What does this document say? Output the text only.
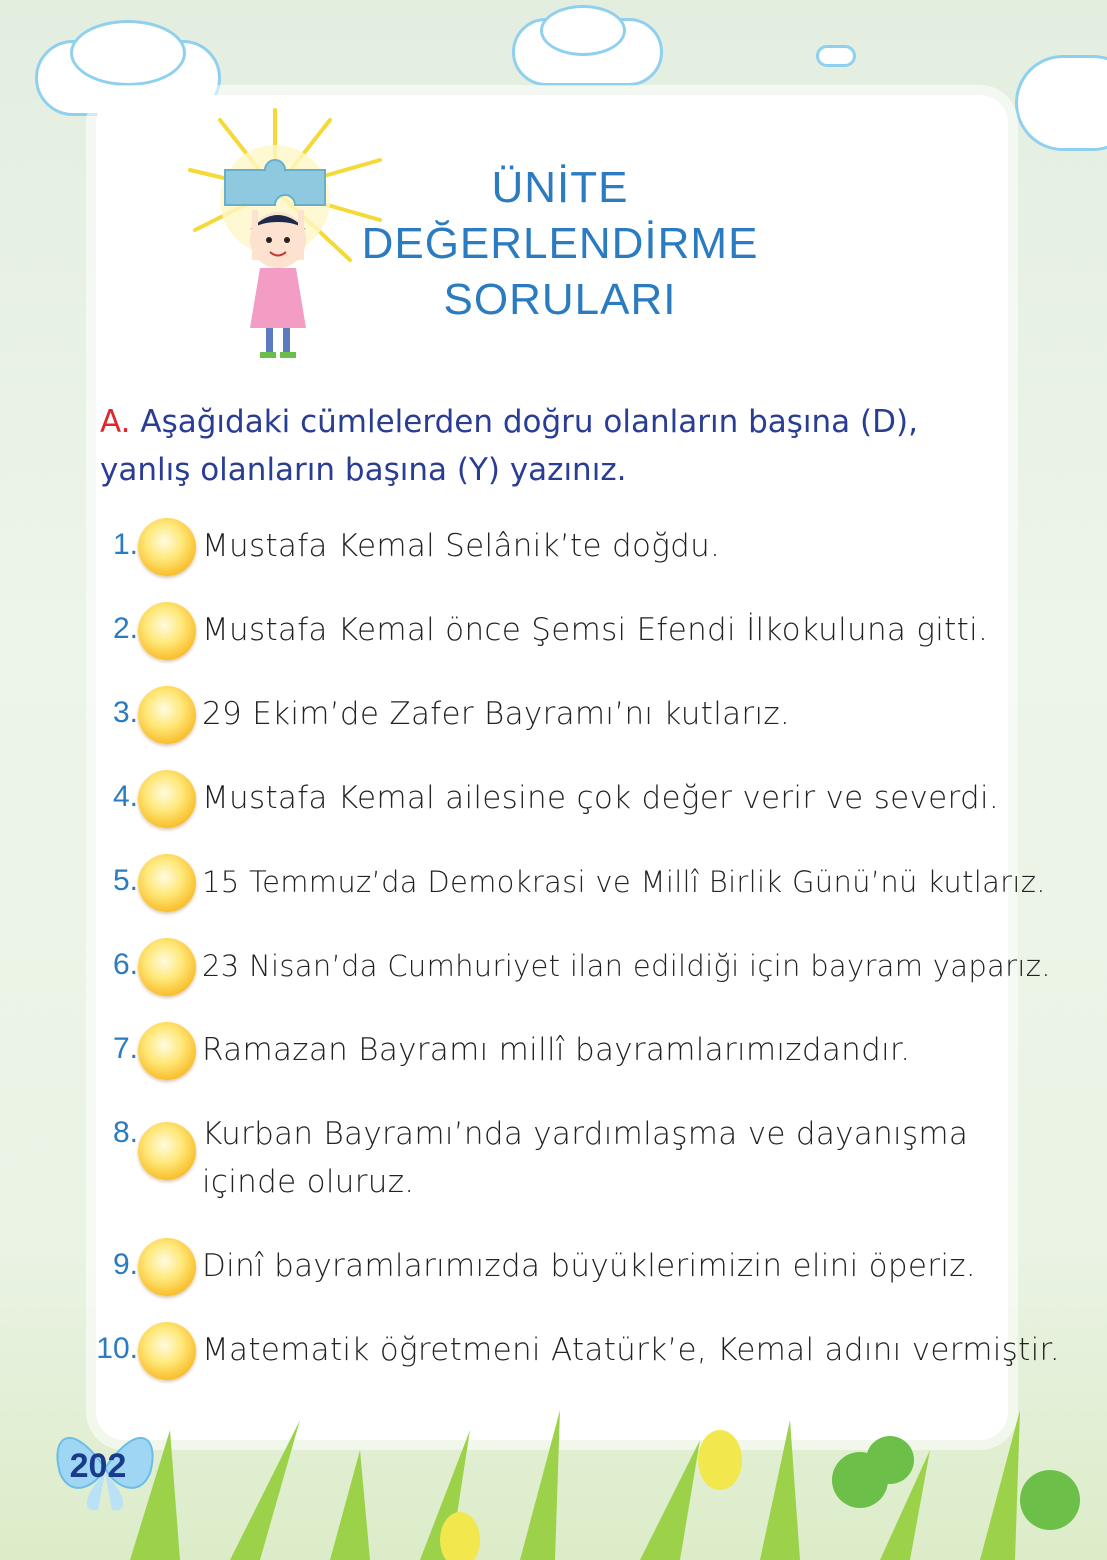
ÜNİTE
DEĞERLENDİRME
SORULARI
A. Aşağıdaki cümlelerden doğru olanların başına (D),
yanlış olanların başına (Y) yazınız.
1. Mustafa Kemal Selânik’te doğdu.
2. Mustafa Kemal önce Şemsi Efendi İlkokuluna gitti.
3. 29 Ekim’de Zafer Bayramı’nı kutlarız.
4. Mustafa Kemal ailesine çok değer verir ve severdi.
5. 15 Temmuz’da Demokrasi ve Millî Birlik Günü’nü kutlarız.
6. 23 Nisan’da Cumhuriyet ilan edildiği için bayram yaparız.
7. Ramazan Bayramı millî bayramlarımızdandır.
8. Kurban Bayramı’nda yardımlaşma ve dayanışma içinde oluruz.
9. Dinî bayramlarımızda büyüklerimizin elini öperiz.
10. Matematik öğretmeni Atatürk’e, Kemal adını vermiştir.
202
